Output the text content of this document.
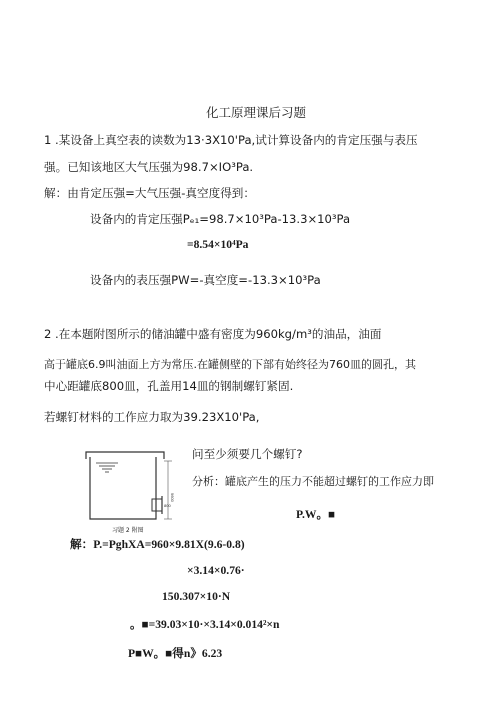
化工原理课后习题
1 .某设备上真空表的读数为13·3X10'Pa,试计算设备内的肯定压强与表压
强。已知该地区大气压强为98.7×IO³Pa.
解：由肯定压强=大气压强-真空度得到：
设备内的肯定压强Pₑ₁=98.7×10³Pa-13.3×10³Pa
=8.54×10⁴Pa
设备内的表压强PW=-真空度=-13.3×10³Pa
2 .在本题附图所示的储油罐中盛有密度为960kg/m³的油品，油面
高于罐底6.9叫油面上方为常压.在罐侧壁的下部有始终径为760皿的圆孔，其
中心距罐底800皿，孔盖用14皿的钢制螺钉紧固.
若螺钉材料的工作应力取为39.23X10'Pa,
问至少须要几个螺钉?
分析：罐底产生的压力不能超过螺钉的工作应力即
P.W。■
解：P.=PghXA=960×9.81X(9.6-0.8)
×3.14×0.76·
150.307×10·N
。■=39.03×10·×3.14×0.014²×n
P■W。■得n》6.23
9600
800
习题 2 附图
